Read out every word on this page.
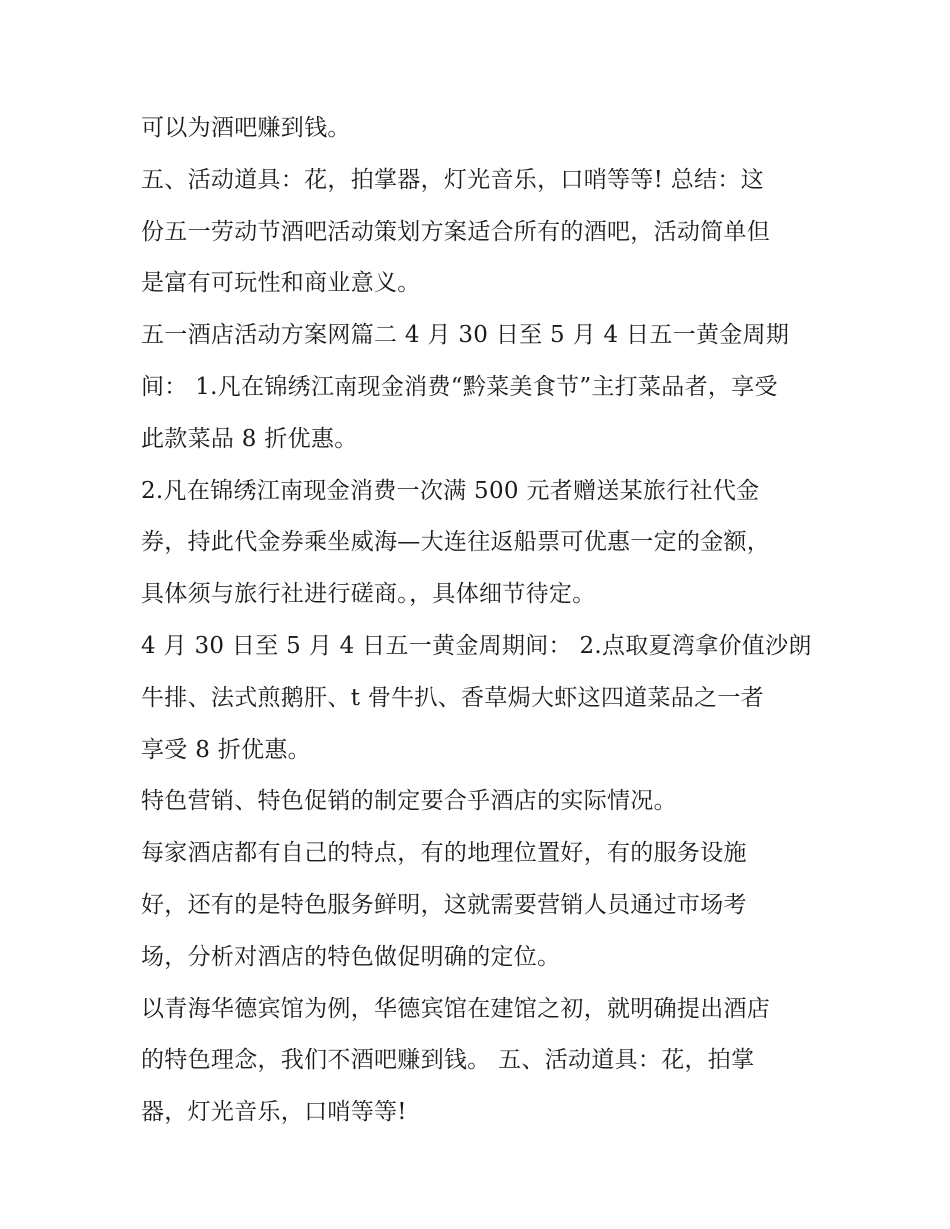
可以为酒吧赚到钱。
五、活动道具：花，拍掌器，灯光音乐，口哨等等! 总结：这
份五一劳动节酒吧活动策划方案适合所有的酒吧，活动简单但
是富有可玩性和商业意义。
五一酒店活动方案网篇二 4 月 30 日至 5 月 4 日五一黄金周期
间： 1.凡在锦绣江南现金消费“黔菜美食节”主打菜品者，享受
此款菜品 8 折优惠。
2.凡在锦绣江南现金消费一次满 500 元者赠送某旅行社代金
券，持此代金券乘坐威海—大连往返船票可优惠一定的金额，
具体须与旅行社进行磋商。，具体细节待定。
4 月 30 日至 5 月 4 日五一黄金周期间： 2.点取夏湾拿价值沙朗
牛排、法式煎鹅肝、t 骨牛扒、香草焗大虾这四道菜品之一者
享受 8 折优惠。
特色营销、特色促销的制定要合乎酒店的实际情况。
每家酒店都有自己的特点，有的地理位置好，有的服务设施
好，还有的是特色服务鲜明，这就需要营销人员通过市场考
场，分析对酒店的特色做促明确的定位。
以青海华德宾馆为例，华德宾馆在建馆之初，就明确提出酒店
的特色理念，我们不酒吧赚到钱。 五、活动道具：花，拍掌
器，灯光音乐，口哨等等!
